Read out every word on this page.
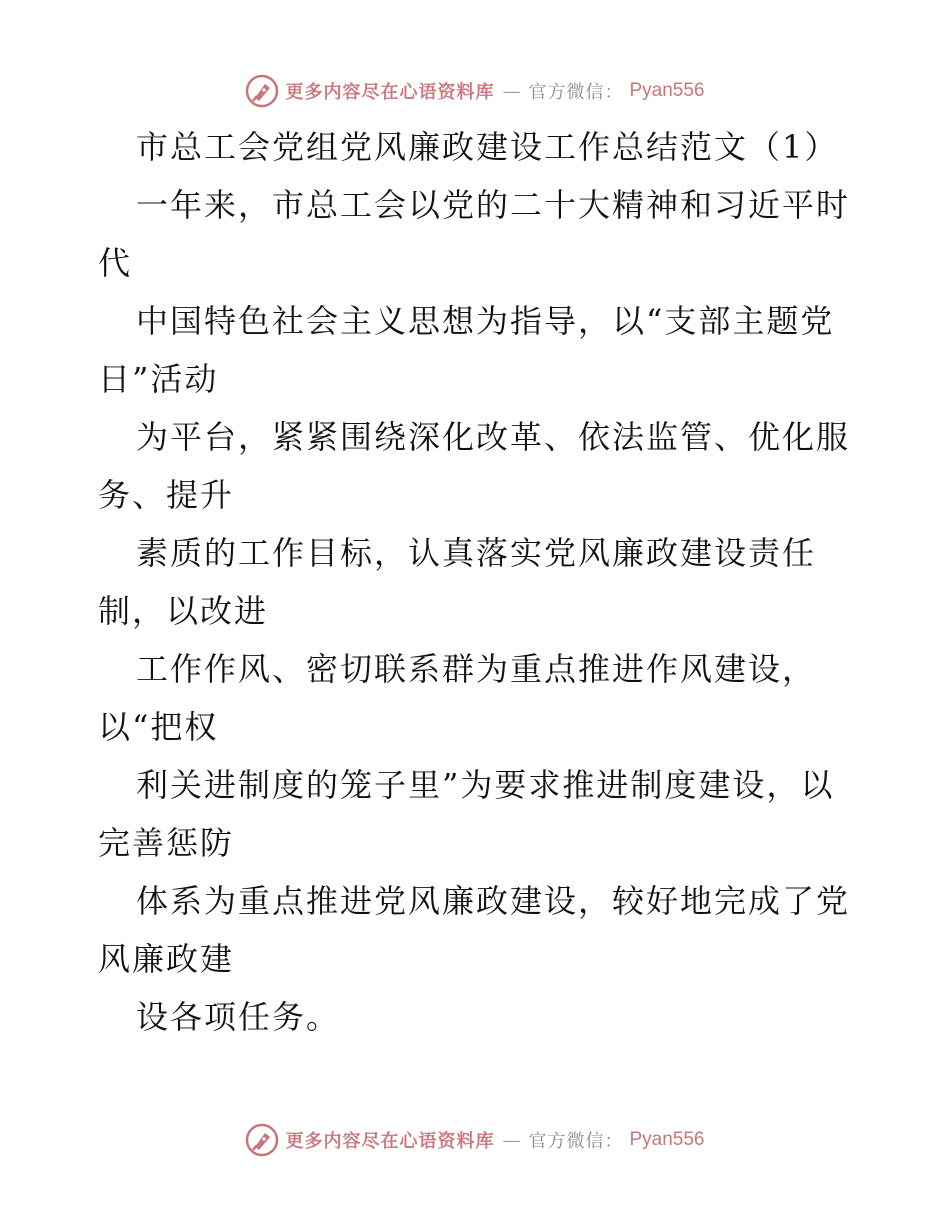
更多内容尽在心语资料库 — 官方微信： Pyan556
市总工会党组党风廉政建设工作总结范文（1）
一年来，市总工会以党的二十大精神和习近平时
代
中国特色社会主义思想为指导，以“支部主题党
日”活动
为平台，紧紧围绕深化改革、依法监管、优化服
务、提升
素质的工作目标，认真落实党风廉政建设责任
制，以改进
工作作风、密切联系群为重点推进作风建设，
以“把权
利关进制度的笼子里”为要求推进制度建设，以
完善惩防
体系为重点推进党风廉政建设，较好地完成了党
风廉政建
设各项任务。
更多内容尽在心语资料库 — 官方微信： Pyan556
